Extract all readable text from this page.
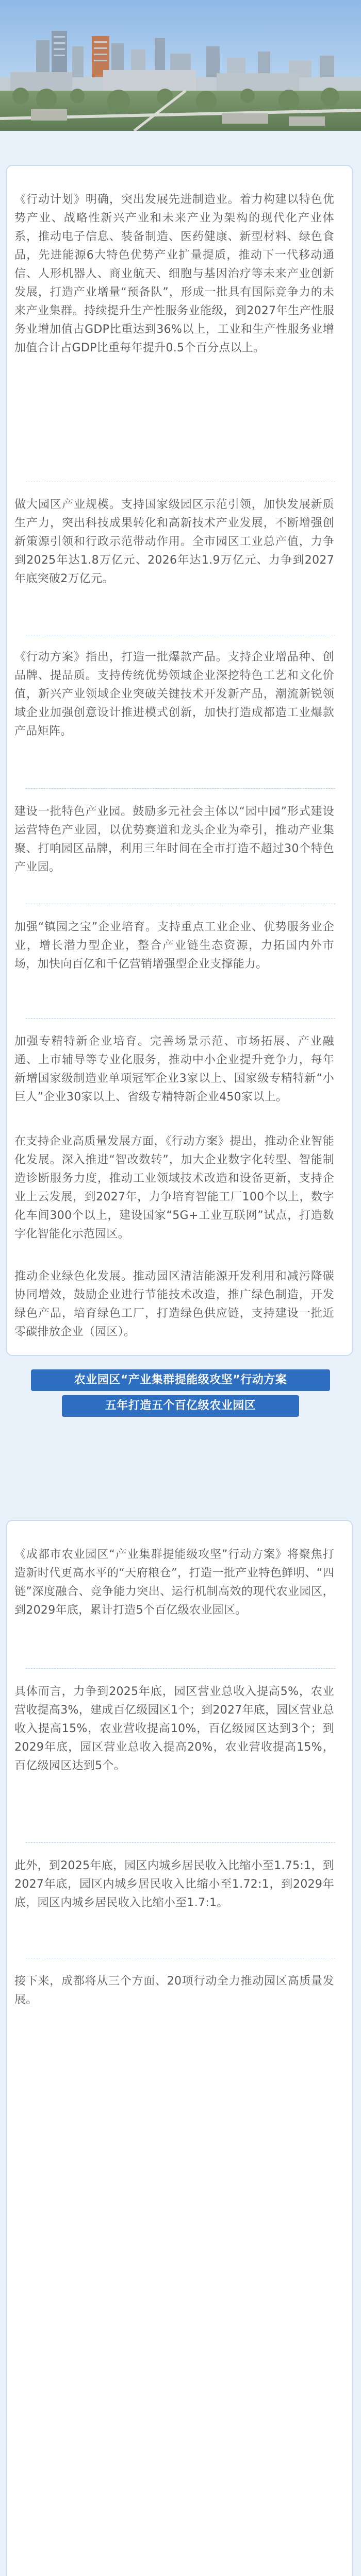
《行动计划》明确，突出发展先进制造业。着力构建以特色优势产业、战略性新兴产业和未来产业为架构的现代化产业体系，推动电子信息、装备制造、医药健康、新型材料、绿色食品，先进能源6大特色优势产业扩量提质，推动下一代移动通信、人形机器人、商业航天、细胞与基因治疗等未来产业创新发展，打造产业增量“预备队”，形成一批具有国际竞争力的未来产业集群。持续提升生产性服务业能级，到2027年生产性服务业增加值占GDP比重达到36%以上，工业和生产性服务业增加值合计占GDP比重每年提升0.5个百分点以上。

做大园区产业规模。支持国家级园区示范引领，加快发展新质生产力，突出科技成果转化和高新技术产业发展，不断增强创新策源引领和行政示范带动作用。全市园区工业总产值，力争到2025年达1.8万亿元、2026年达1.9万亿元、力争到2027年底突破2万亿元。

《行动方案》指出，打造一批爆款产品。支持企业增品种、创品牌、提品质。支持传统优势领域企业深挖特色工艺和文化价值，新兴产业领域企业突破关键技术开发新产品，潮流新锐领域企业加强创意设计推进模式创新，加快打造成都造工业爆款产品矩阵。

建设一批特色产业园。鼓励多元社会主体以“园中园”形式建设运营特色产业园，以优势赛道和龙头企业为牵引，推动产业集聚、打响园区品牌，利用三年时间在全市打造不超过30个特色产业园。

加强“镇园之宝”企业培育。支持重点工业企业、优势服务业企业，增长潜力型企业，整合产业链生态资源，力拓国内外市场，加快向百亿和千亿营销增强型企业支撑能力。

加强专精特新企业培育。完善场景示范、市场拓展、产业融通、上市辅导等专业化服务，推动中小企业提升竞争力，每年新增国家级制造业单项冠军企业3家以上、国家级专精特新“小巨人”企业30家以上、省级专精特新企业450家以上。

在支持企业高质量发展方面，《行动方案》提出，推动企业智能化发展。深入推进“智改数转”，加大企业数字化转型、智能制造诊断服务力度，推动工业领域技术改造和设备更新，支持企业上云发展，到2027年，力争培育智能工厂100个以上，数字化车间300个以上，建设国家“5G+工业互联网”试点，打造数字化智能化示范园区。

推动企业绿色化发展。推动园区清洁能源开发利用和减污降碳协同增效，鼓励企业进行节能技术改造，推广绿色制造，开发绿色产品，培育绿色工厂，打造绿色供应链，支持建设一批近零碳排放企业（园区）。

农业园区“产业集群提能级攻坚”行动方案
五年打造五个百亿级农业园区

《成都市农业园区“产业集群提能级攻坚”行动方案》将聚焦打造新时代更高水平的“天府粮仓”，打造一批产业特色鲜明、“四链”深度融合、竞争能力突出、运行机制高效的现代农业园区，到2029年底，累计打造5个百亿级农业园区。

具体而言，力争到2025年底，园区营业总收入提高5%，农业营收提高3%，建成百亿级园区1个；到2027年底，园区营业总收入提高15%，农业营收提高10%，百亿级园区达到3个；到2029年底，园区营业总收入提高20%，农业营收提高15%，百亿级园区达到5个。

此外，到2025年底，园区内城乡居民收入比缩小至1.75:1，到2027年底，园区内城乡居民收入比缩小至1.72:1，到2029年底，园区内城乡居民收入比缩小至1.7:1。

接下来，成都将从三个方面、20项行动全力推动园区高质量发展。
